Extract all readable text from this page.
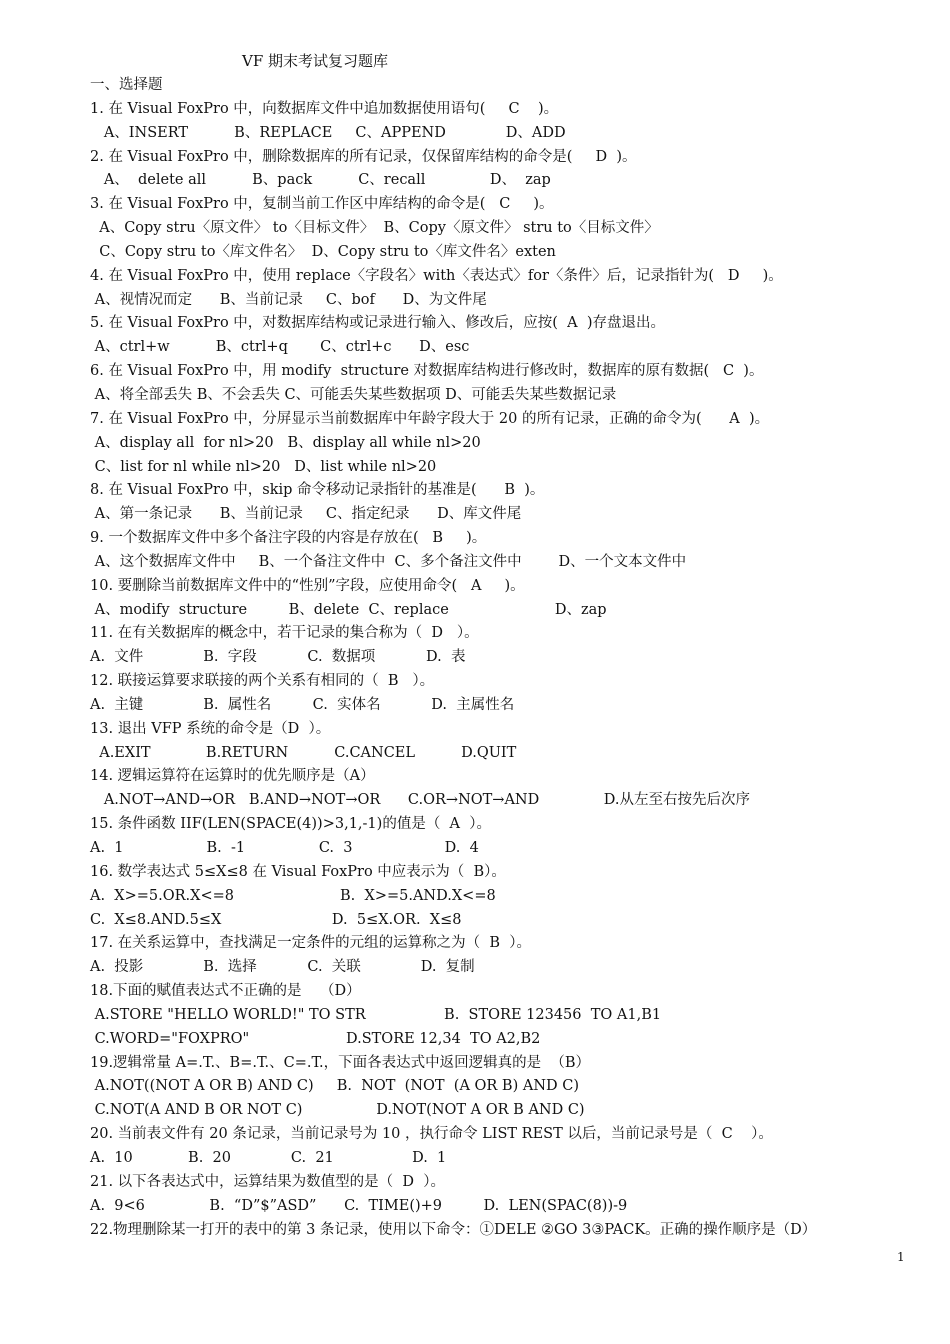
VF 期末考试复习题库
一、选择题
1. 在 Visual FoxPro 中，向数据库文件中追加数据使用语句(     C    )。
A、INSERT          B、REPLACE     C、APPEND             D、ADD
2. 在 Visual FoxPro 中，删除数据库的所有记录，仅保留库结构的命令是(     D  )。
A、  delete all          B、pack          C、recall              D、  zap
3. 在 Visual FoxPro 中，复制当前工作区中库结构的命令是(   C     )。
A、Copy stru〈原文件〉 to〈目标文件〉  B、Copy〈原文件〉 stru to〈目标文件〉
C、Copy stru to〈库文件名〉  D、Copy stru to〈库文件名〉exten
4. 在 Visual FoxPro 中，使用 replace〈字段名〉with〈表达式〉for〈条件〉后，记录指针为(   D     )。
A、视情况而定      B、当前记录     C、bof      D、为文件尾
5. 在 Visual FoxPro 中，对数据库结构或记录进行输入、修改后，应按(  A  )存盘退出。
A、ctrl+w          B、ctrl+q       C、ctrl+c      D、esc
6. 在 Visual FoxPro 中，用 modify  structure 对数据库结构进行修改时，数据库的原有数据(   C  )。
A、将全部丢失 B、不会丢失 C、可能丢失某些数据项 D、可能丢失某些数据记录
7. 在 Visual FoxPro 中，分屏显示当前数据库中年龄字段大于 20 的所有记录，正确的命令为(      A  )。
A、display all  for nl>20   B、display all while nl>20
C、list for nl while nl>20   D、list while nl>20
8. 在 Visual FoxPro 中，skip 命令移动记录指针的基准是(      B  )。
A、第一条记录      B、当前记录     C、指定纪录      D、库文件尾
9. 一个数据库文件中多个备注字段的内容是存放在(   B     )。
A、这个数据库文件中     B、一个备注文件中  C、多个备注文件中        D、一个文本文件中
10. 要删除当前数据库文件中的“性别”字段，应使用命令(   A     )。
A、modify  structure         B、delete  C、replace                       D、zap
11. 在有关数据库的概念中，若干记录的集合称为（  D   ）。
A.  文件             B.  字段           C.  数据项           D.  表
12. 联接运算要求联接的两个关系有相同的（  B   ）。
A.  主键             B.  属性名         C.  实体名           D.  主属性名
13. 退出 VFP 系统的命令是（D  ）。
A.EXIT            B.RETURN          C.CANCEL          D.QUIT
14. 逻辑运算符在运算时的优先顺序是（A）
A.NOT→AND→OR   B.AND→NOT→OR      C.OR→NOT→AND              D.从左至右按先后次序
15. 条件函数 IIF(LEN(SPACE(4))>3,1,-1)的值是（  A  ）。
A.  1                  B.  -1                C.  3                    D.  4
16. 数学表达式 5≤X≤8 在 Visual FoxPro 中应表示为（  B）。
A.  X>=5.OR.X<=8                       B.  X>=5.AND.X<=8
C.  X≤8.AND.5≤X                        D.  5≤X.OR.  X≤8
17. 在关系运算中，查找满足一定条件的元组的运算称之为（  B  ）。
A.  投影             B.  选择           C.  关联             D.  复制
18.下面的赋值表达式不正确的是    （D）
A.STORE "HELLO WORLD!" TO STR                 B.  STORE 123456  TO A1,B1
C.WORD="FOXPRO"                     D.STORE 12,34  TO A2,B2
19.逻辑常量 A=.T.、B=.T.、C=.T.，下面各表达式中返回逻辑真的是  （B）
A.NOT((NOT A OR B) AND C)     B.  NOT  (NOT  (A OR B) AND C)
C.NOT(A AND B OR NOT C)                D.NOT(NOT A OR B AND C)
20. 当前表文件有 20 条记录，当前记录号为 10 ，执行命令 LIST REST 以后，当前记录号是（  C    ）。
A.  10            B.  20             C.  21                 D.  1
21. 以下各表达式中，运算结果为数值型的是（  D  ）。
A.  9<6              B.  “D”$”ASD”      C.  TIME()+9         D.  LEN(SPAC(8))-9
22.物理删除某一打开的表中的第 3 条记录，使用以下命令：①DELE ②GO 3③PACK。正确的操作顺序是（D）
1
